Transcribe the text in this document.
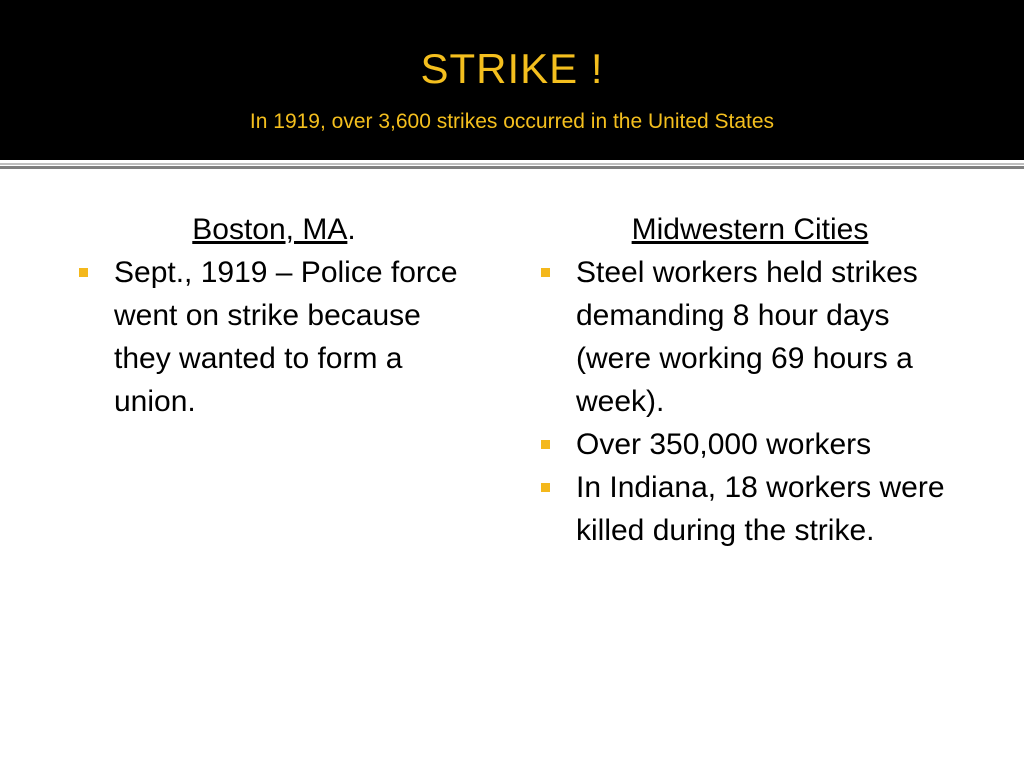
STRIKE !
In 1919, over 3,600 strikes occurred in the United States
Boston, MA.
Sept., 1919 – Police force went on strike because they wanted to form a union.
Midwestern Cities
Steel workers held strikes demanding 8 hour days (were working 69 hours a week).
Over 350,000 workers
In Indiana, 18 workers were killed during the strike.
